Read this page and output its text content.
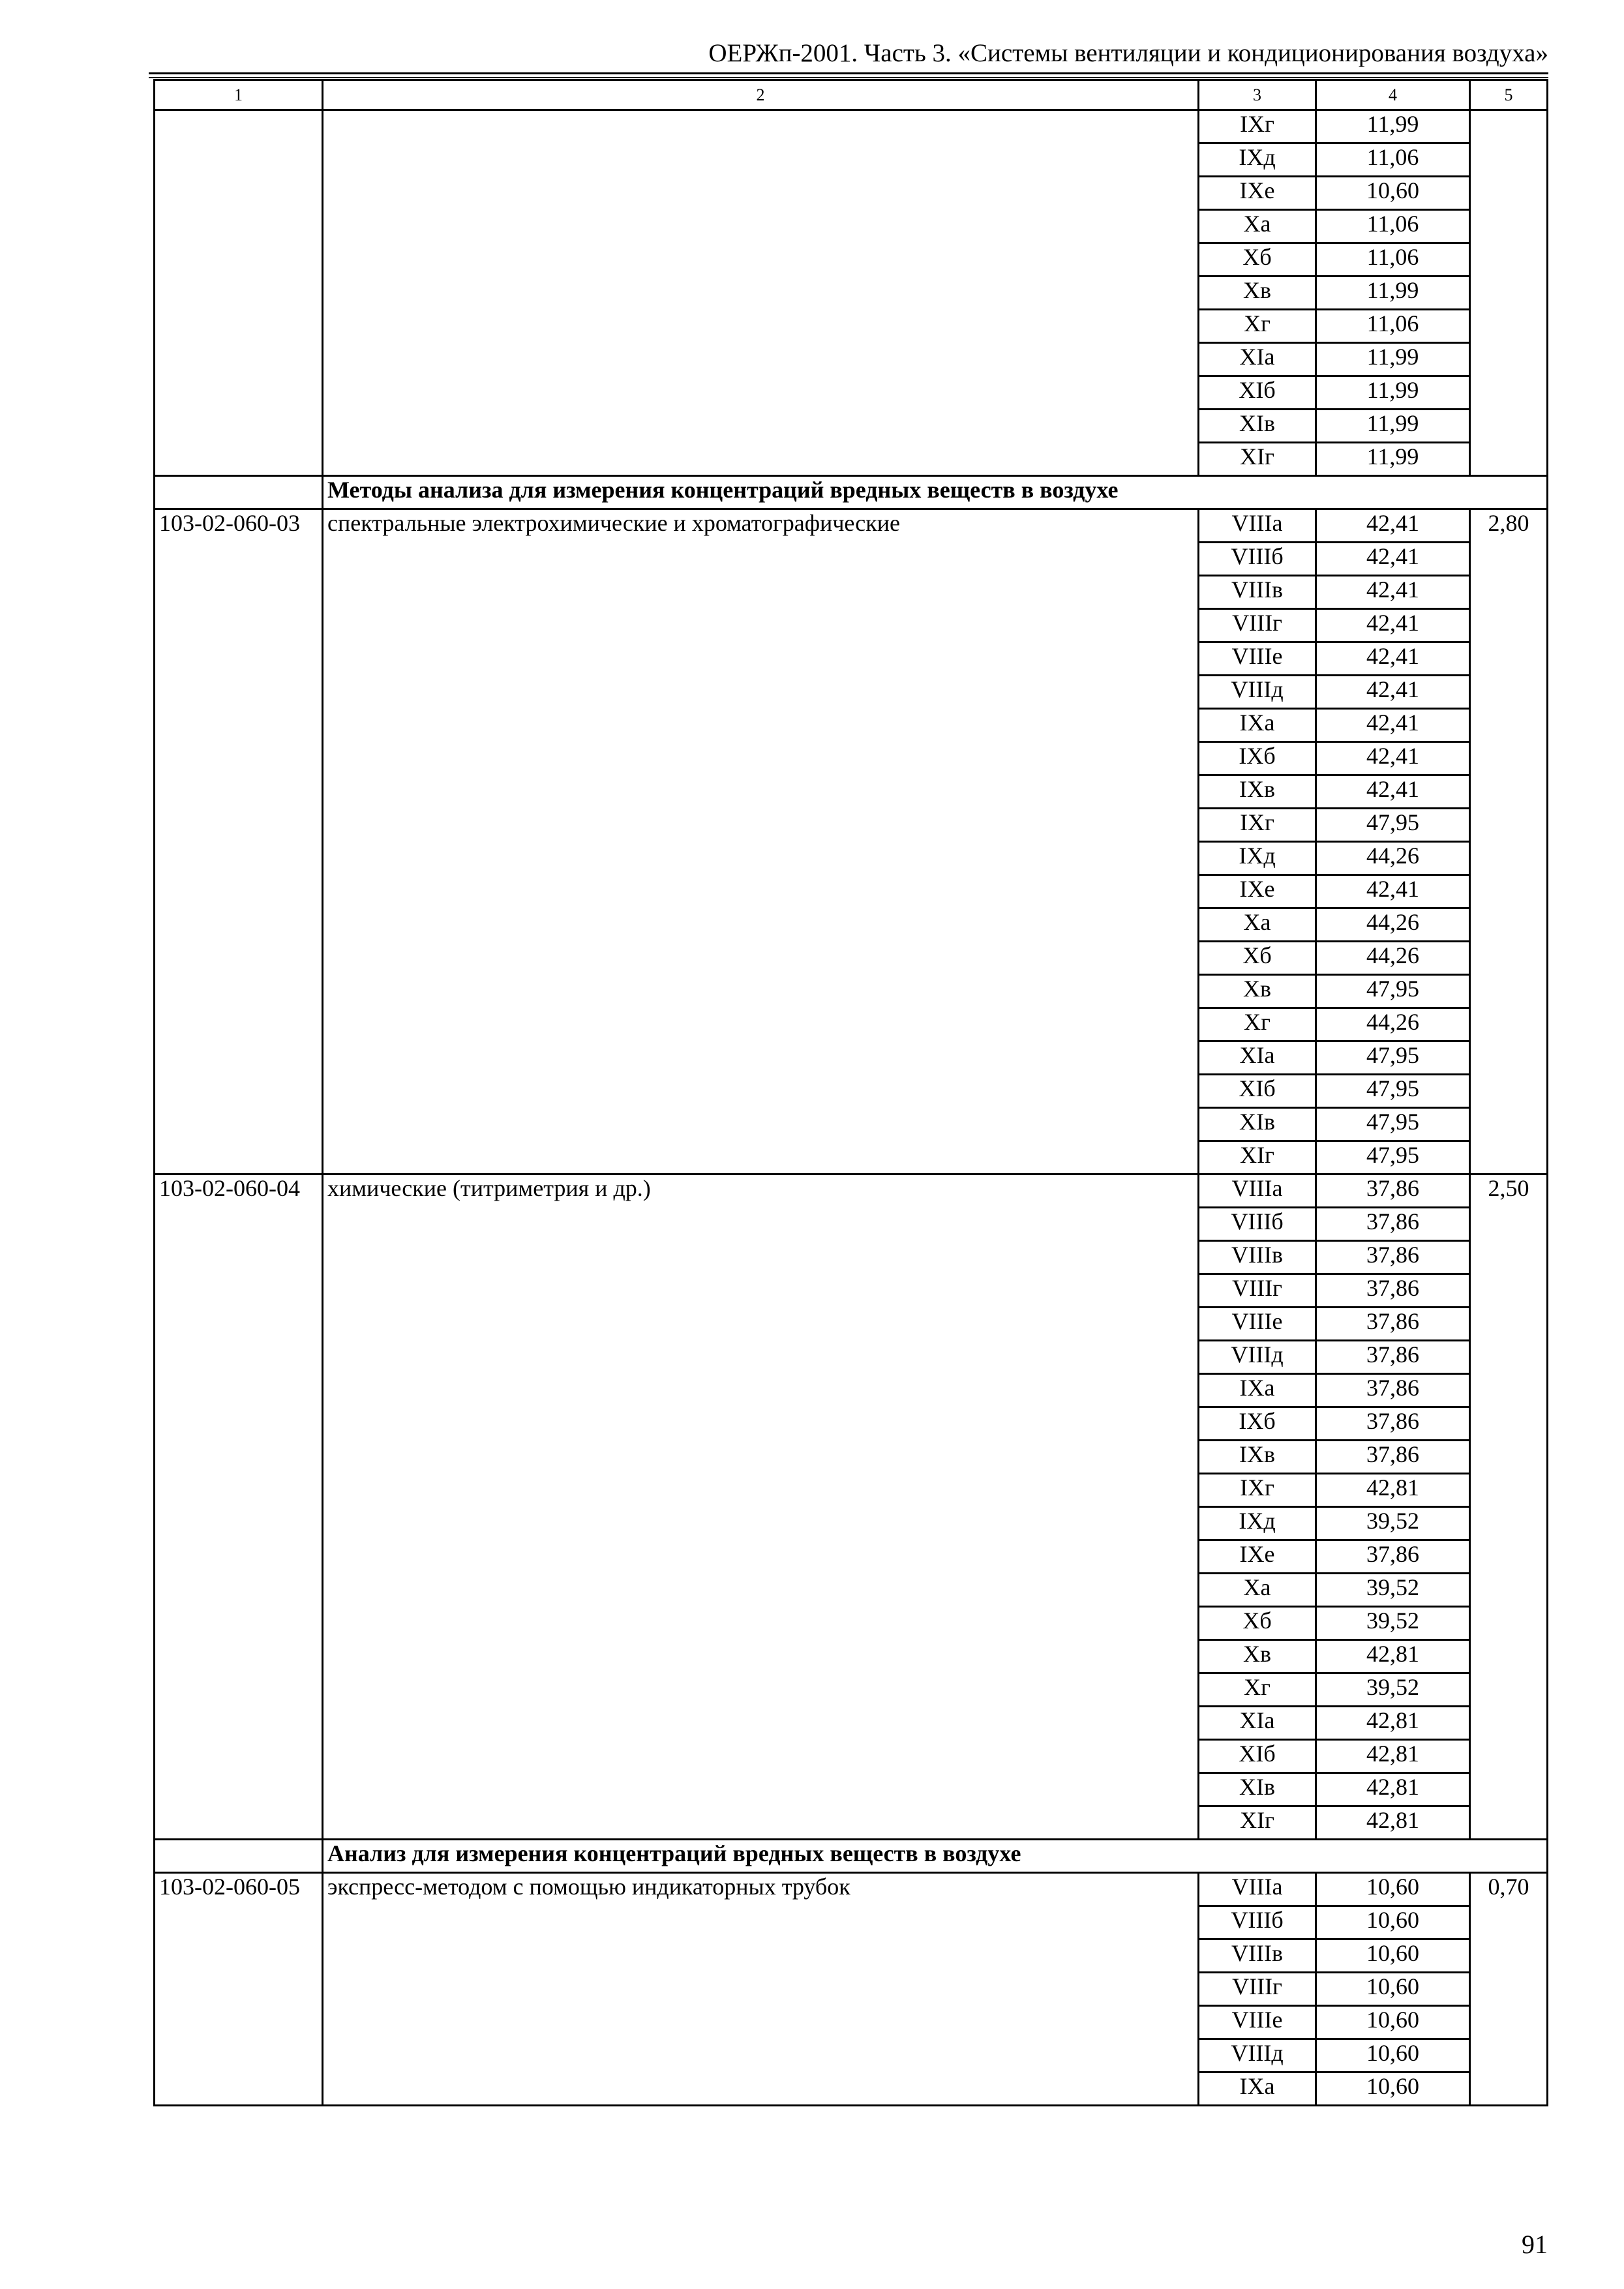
ОЕРЖп-2001. Часть 3. «Системы вентиляции и кондиционирования воздуха»
1	2	3	4	5
		IXг	11,99	
		IXд	11,06	
		IXе	10,60	
		Xа	11,06	
		Xб	11,06	
		Xв	11,99	
		Xг	11,06	
		XIа	11,99	
		XIб	11,99	
		XIв	11,99	
		XIг	11,99	
	Методы анализа для измерения концентраций вредных веществ в воздухе			
103-02-060-03	спектральные электрохимические и хроматографические	VIIIа	42,41	2,80
		VIIIб	42,41	
		VIIIв	42,41	
		VIIIг	42,41	
		VIIIе	42,41	
		VIIIд	42,41	
		IXа	42,41	
		IXб	42,41	
		IXв	42,41	
		IXг	47,95	
		IXд	44,26	
		IXе	42,41	
		Xа	44,26	
		Xб	44,26	
		Xв	47,95	
		Xг	44,26	
		XIа	47,95	
		XIб	47,95	
		XIв	47,95	
		XIг	47,95	
103-02-060-04	химические (титриметрия и др.)	VIIIа	37,86	2,50
		VIIIб	37,86	
		VIIIв	37,86	
		VIIIг	37,86	
		VIIIе	37,86	
		VIIIд	37,86	
		IXа	37,86	
		IXб	37,86	
		IXв	37,86	
		IXг	42,81	
		IXд	39,52	
		IXе	37,86	
		Xа	39,52	
		Xб	39,52	
		Xв	42,81	
		Xг	39,52	
		XIа	42,81	
		XIб	42,81	
		XIв	42,81	
		XIг	42,81	
	Анализ для измерения концентраций вредных веществ в воздухе			
103-02-060-05	экспресс-методом с помощью индикаторных трубок	VIIIа	10,60	0,70
		VIIIб	10,60	
		VIIIв	10,60	
		VIIIг	10,60	
		VIIIе	10,60	
		VIIIд	10,60	
		IXа	10,60	
91
